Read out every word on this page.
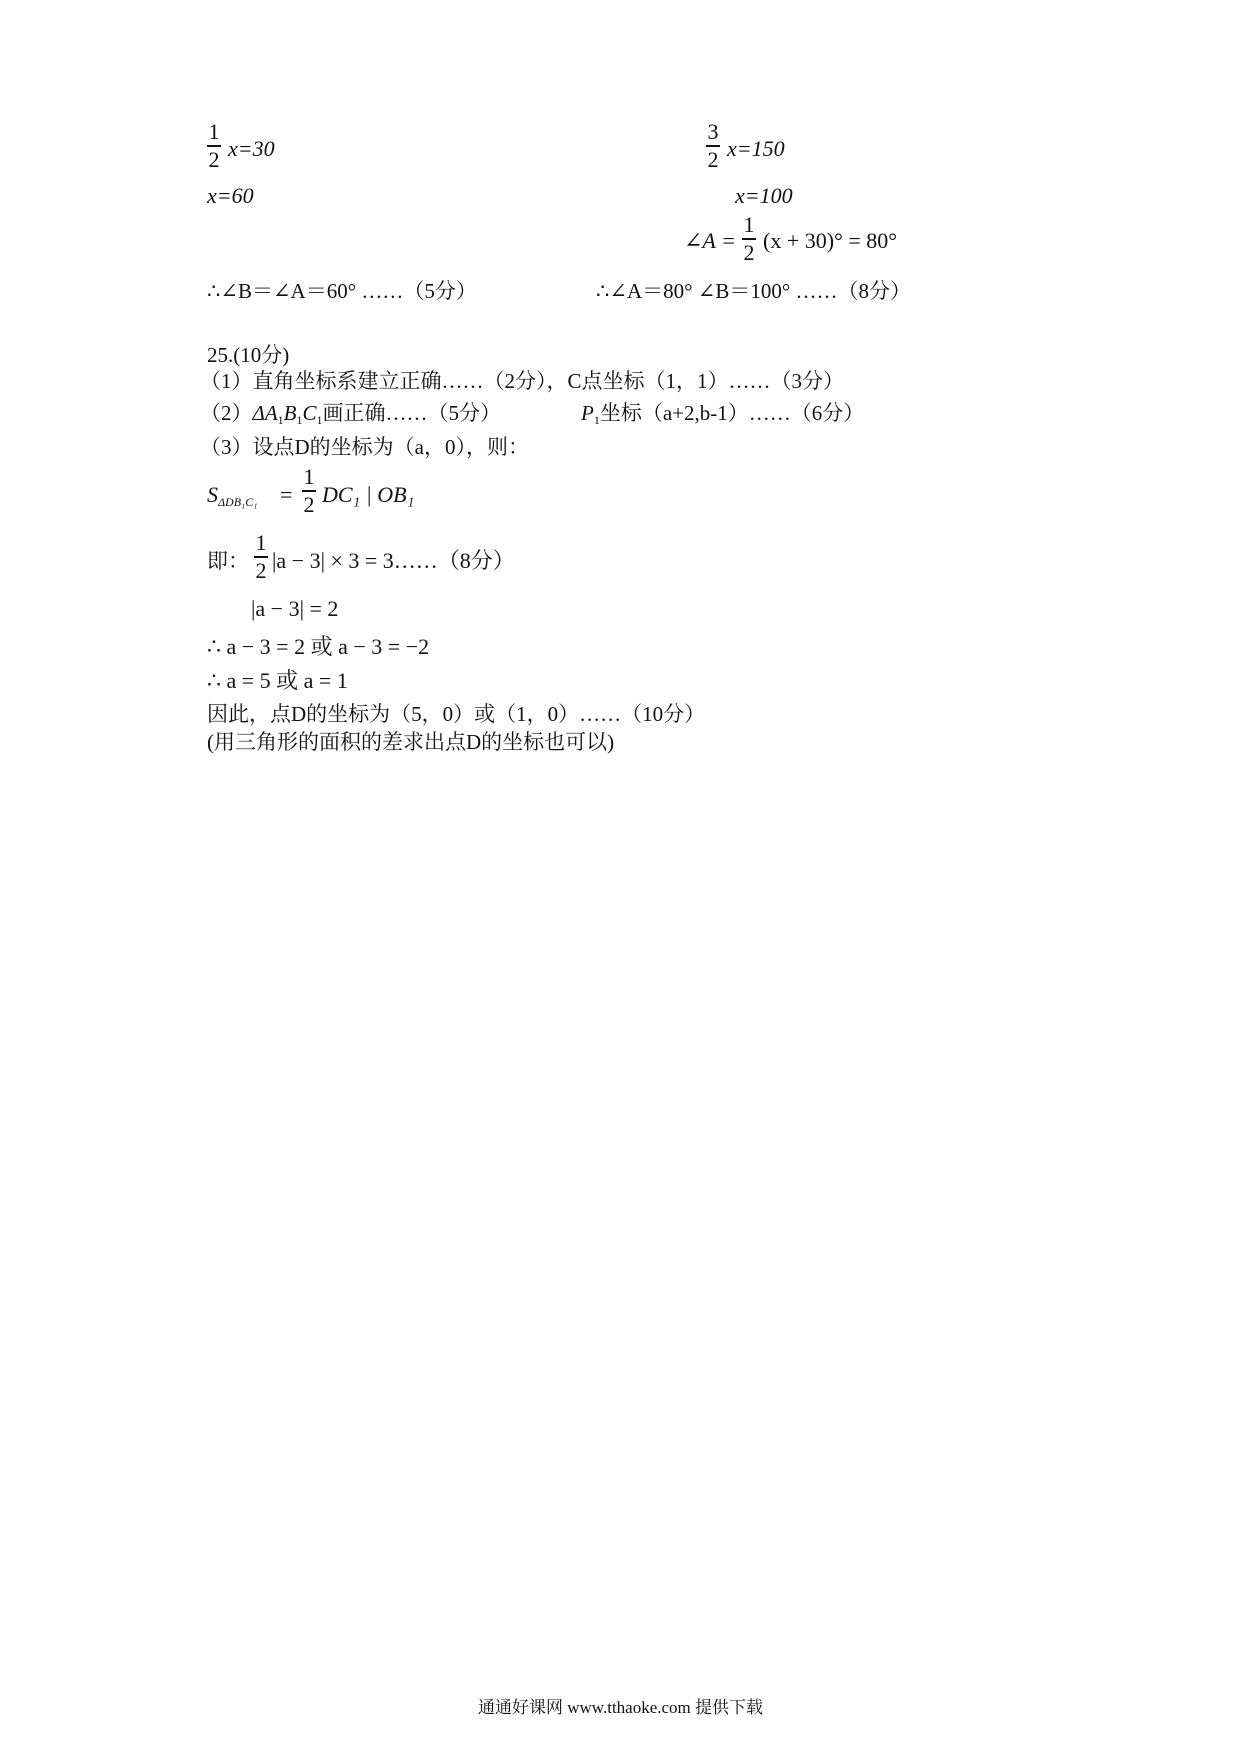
1
2 x=30
x=60
3
2 x=150
x=100
∠A =
1
2 (x + 30)° = 80°
∴∠B＝∠A＝60° ……（5分）	∴∠A＝80° ∠B＝100° ……（8分）
25.(10分)
（1）直角坐标系建立正确……（2分），C点坐标（1，1）……（3分）
$(2)\Delta A_1B_1C_1$画正确……（5分）	$P_1$坐标（a+2,b-1）……（6分）
（3）设点D的坐标为（a，0），则：
$S_{\Delta DB_1C_1}$ =
1
2 DC₁ | OB₁
即：
1
2 |a − 3| × 3 = 3……（8分）
|a − 3| = 2
∴ a − 3 = 2 或 a − 3 = −2
∴ a = 5 或 a = 1
因此，点D的坐标为（5，0）或（1，0）……（10分）
(用三角形的面积的差求出点D的坐标也可以)
通通好课网 www.tthaoke.com 提供下载
